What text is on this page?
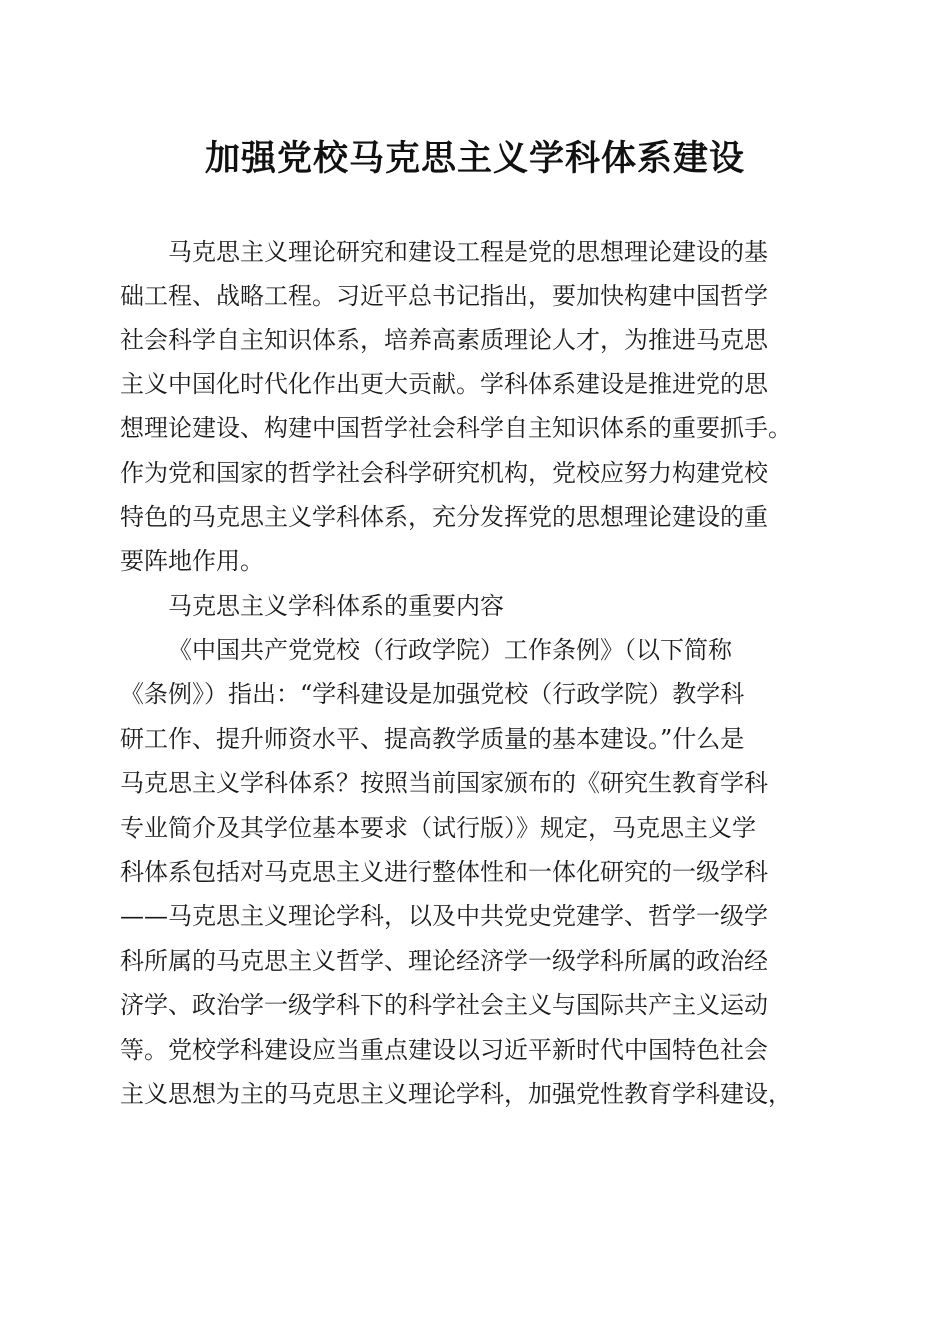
加强党校马克思主义学科体系建设
马克思主义理论研究和建设工程是党的思想理论建设的基
础工程、战略工程。习近平总书记指出，要加快构建中国哲学
社会科学自主知识体系，培养高素质理论人才，为推进马克思
主义中国化时代化作出更大贡献。学科体系建设是推进党的思
想理论建设、构建中国哲学社会科学自主知识体系的重要抓手。
作为党和国家的哲学社会科学研究机构，党校应努力构建党校
特色的马克思主义学科体系，充分发挥党的思想理论建设的重
要阵地作用。
马克思主义学科体系的重要内容
《中国共产党党校（行政学院）工作条例》（以下简称
《条例》）指出：“学科建设是加强党校（行政学院）教学科
研工作、提升师资水平、提高教学质量的基本建设。”什么是
马克思主义学科体系？按照当前国家颁布的《研究生教育学科
专业简介及其学位基本要求（试行版）》规定，马克思主义学
科体系包括对马克思主义进行整体性和一体化研究的一级学科
——马克思主义理论学科，以及中共党史党建学、哲学一级学
科所属的马克思主义哲学、理论经济学一级学科所属的政治经
济学、政治学一级学科下的科学社会主义与国际共产主义运动
等。党校学科建设应当重点建设以习近平新时代中国特色社会
主义思想为主的马克思主义理论学科，加强党性教育学科建设，
